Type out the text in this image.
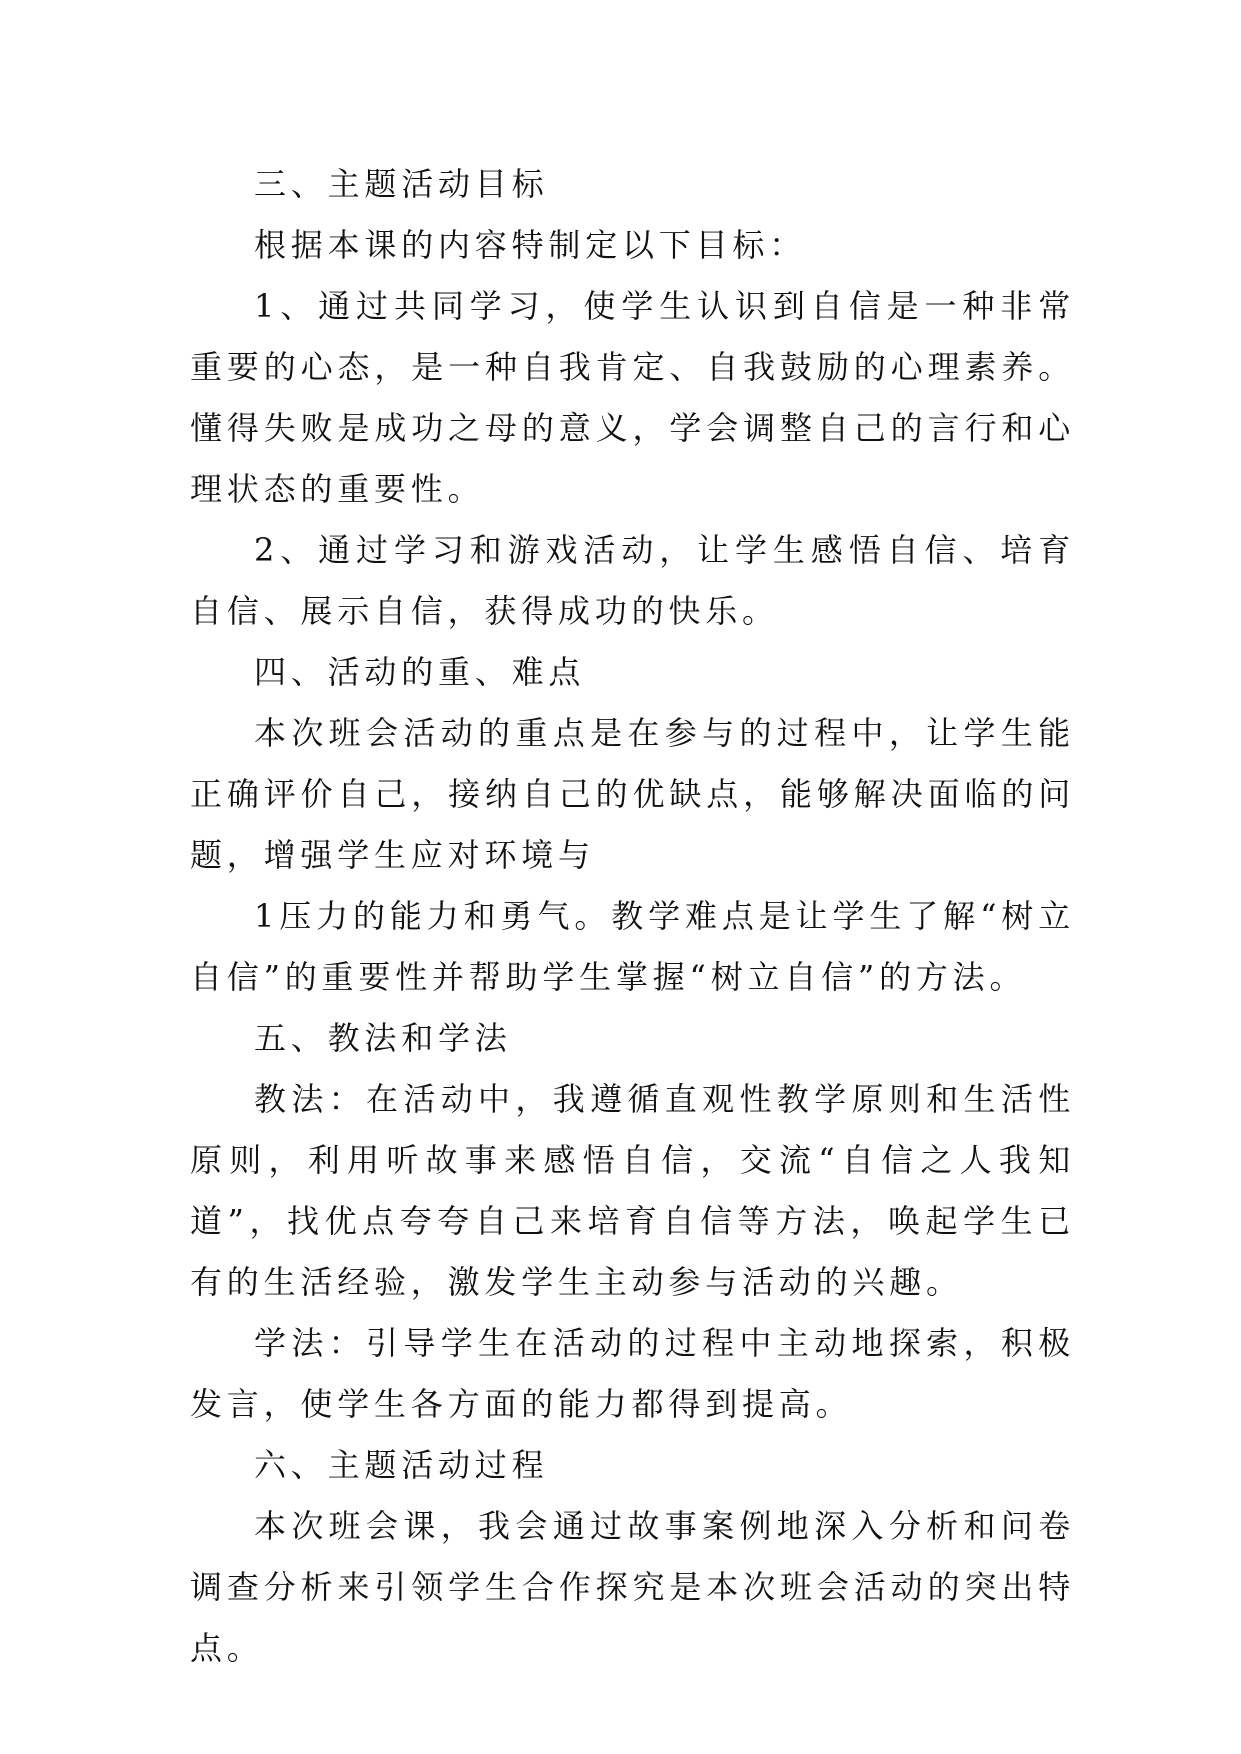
三、主题活动目标

根据本课的内容特制定以下目标：

1、通过共同学习，使学生认识到自信是一种非常重要的心态，是一种自我肯定、自我鼓励的心理素养。懂得失败是成功之母的意义，学会调整自己的言行和心理状态的重要性。

2、通过学习和游戏活动，让学生感悟自信、培育自信、展示自信，获得成功的快乐。

四、活动的重、难点

本次班会活动的重点是在参与的过程中，让学生能正确评价自己，接纳自己的优缺点，能够解决面临的问题，增强学生应对环境与

1压力的能力和勇气。教学难点是让学生了解“树立自信”的重要性并帮助学生掌握“树立自信”的方法。

五、教法和学法

教法：在活动中，我遵循直观性教学原则和生活性原则，利用听故事来感悟自信，交流“自信之人我知道”，找优点夸夸自己来培育自信等方法，唤起学生已有的生活经验，激发学生主动参与活动的兴趣。

学法：引导学生在活动的过程中主动地探索，积极发言，使学生各方面的能力都得到提高。

六、主题活动过程

本次班会课，我会通过故事案例地深入分析和问卷调查分析来引领学生合作探究是本次班会活动的突出特点。
